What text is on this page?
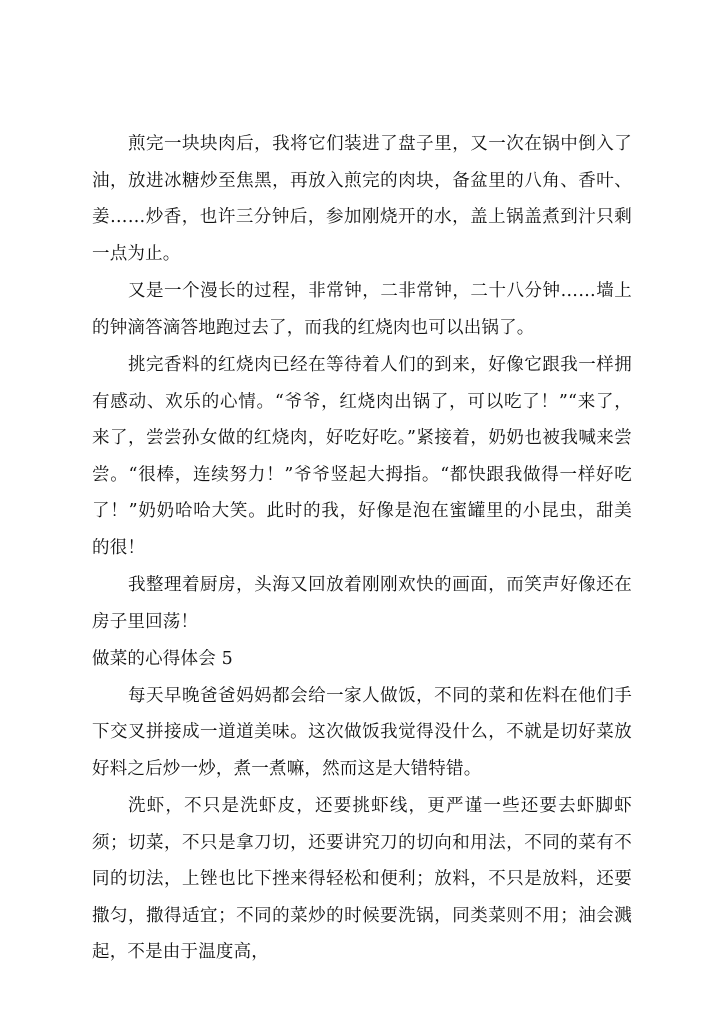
煎完一块块肉后，我将它们装进了盘子里，又一次在锅中倒入了油，放进冰糖炒至焦黑，再放入煎完的肉块，备盆里的八角、香叶、姜……炒香，也许三分钟后，参加刚烧开的水，盖上锅盖煮到汁只剩一点为止。

又是一个漫长的过程，非常钟，二非常钟，二十八分钟……墙上的钟滴答滴答地跑过去了，而我的红烧肉也可以出锅了。

挑完香料的红烧肉已经在等待着人们的到来，好像它跟我一样拥有感动、欢乐的心情。“爷爷，红烧肉出锅了，可以吃了！”“来了，来了，尝尝孙女做的红烧肉，好吃好吃。”紧接着，奶奶也被我喊来尝尝。“很棒，连续努力！”爷爷竖起大拇指。“都快跟我做得一样好吃了！”奶奶哈哈大笑。此时的我，好像是泡在蜜罐里的小昆虫，甜美的很！

我整理着厨房，头海又回放着刚刚欢快的画面，而笑声好像还在房子里回荡！

做菜的心得体会 5

每天早晚爸爸妈妈都会给一家人做饭，不同的菜和佐料在他们手下交叉拼接成一道道美味。这次做饭我觉得没什么，不就是切好菜放好料之后炒一炒，煮一煮嘛，然而这是大错特错。

洗虾，不只是洗虾皮，还要挑虾线，更严谨一些还要去虾脚虾须；切菜，不只是拿刀切，还要讲究刀的切向和用法，不同的菜有不同的切法，上锉也比下挫来得轻松和便利；放料，不只是放料，还要撒匀，撒得适宜；不同的菜炒的时候要洗锅，同类菜则不用；油会溅起，不是由于温度高，
